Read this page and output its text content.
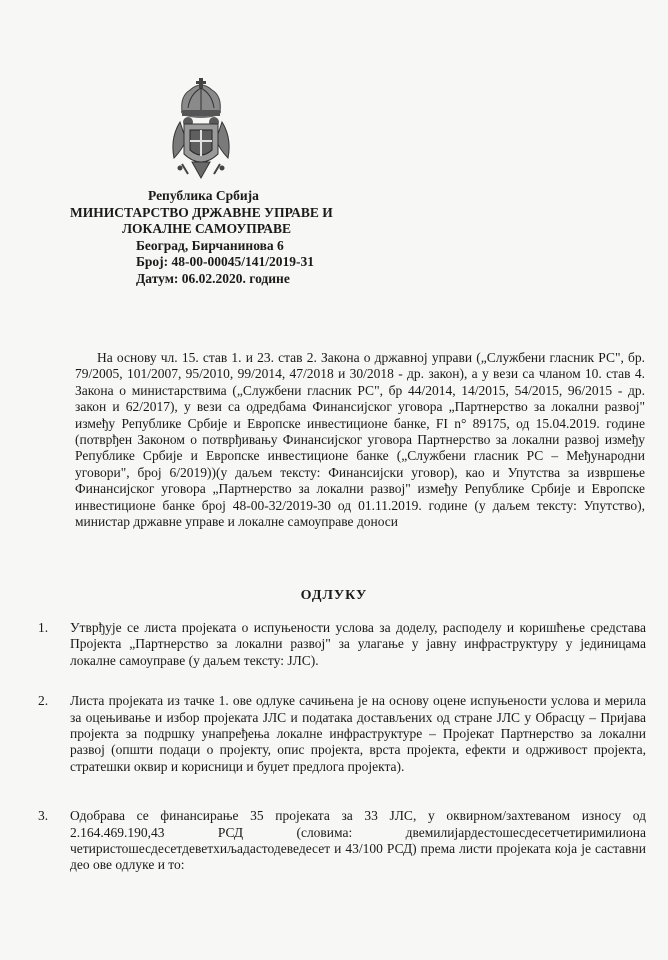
Република Србија
МИНИСТАРСТВО ДРЖАВНЕ УПРАВЕ И
ЛОКАЛНЕ САМОУПРАВЕ
Београд, Бирчанинова 6
Број: 48-00-00045/141/2019-31
Датум: 06.02.2020. године

На основу чл. 15. став 1. и 23. став 2. Закона о државној управи („Службени гласник РС", бр. 79/2005, 101/2007, 95/2010, 99/2014, 47/2018 и 30/2018 - др. закон), а у вези са чланом 10. став 4. Закона о министарствима („Службени гласник РС", бр 44/2014, 14/2015, 54/2015, 96/2015 - др. закон и 62/2017), у вези са одредбама Финансијског уговора „Партнерство за локални развој" између Републике Србије и Европске инвестиционе банке, FI n° 89175, од 15.04.2019. године (потврђен Законом о потврђивању Финансијског уговора Партнерство за локални развој између Републике Србије и Европске инвестиционе банке („Службени гласник РС – Међународни уговори", број 6/2019))(у даљем тексту: Финансијски уговор), као и Упутства за извршење Финансијског уговора „Партнерство за локални развој" између Републике Србије и Европске инвестиционе банке број 48-00-32/2019-30 од 01.11.2019. године (у даљем тексту: Упутство), министар државне управе и локалне самоуправе доноси

ОДЛУКУ
1. Утврђује се листа пројеката о испуњености услова за доделу, расподелу и коришћење средстава Пројекта „Партнерство за локални развој" за улагање у јавну инфраструктуру у јединицама локалне самоуправе (у даљем тексту: ЈЛС).
2. Листа пројеката из тачке 1. ове одлуке сачињена је на основу оцене испуњености услова и мерила за оцењивање и избор пројеката ЈЛС и података достављених од стране ЈЛС у Обрасцу – Пријава пројекта за подршку унапређења локалне инфраструктуре – Пројекат Партнерство за локални развој (општи подаци о пројекту, опис пројекта, врста пројекта, ефекти и одрживост пројекта, стратешки оквир и корисници и буџет предлога пројекта).
3. Одобрава се финансирање 35 пројеката за 33 ЈЛС, у оквирном/захтеваном износу од 2.164.469.190,43 РСД (словима: двемилијардестошесдесетчетиримилиона четиристошесдесетдеветхиљадастодеведесет и 43/100 РСД) према листи пројеката која је саставни део ове одлуке и то:
